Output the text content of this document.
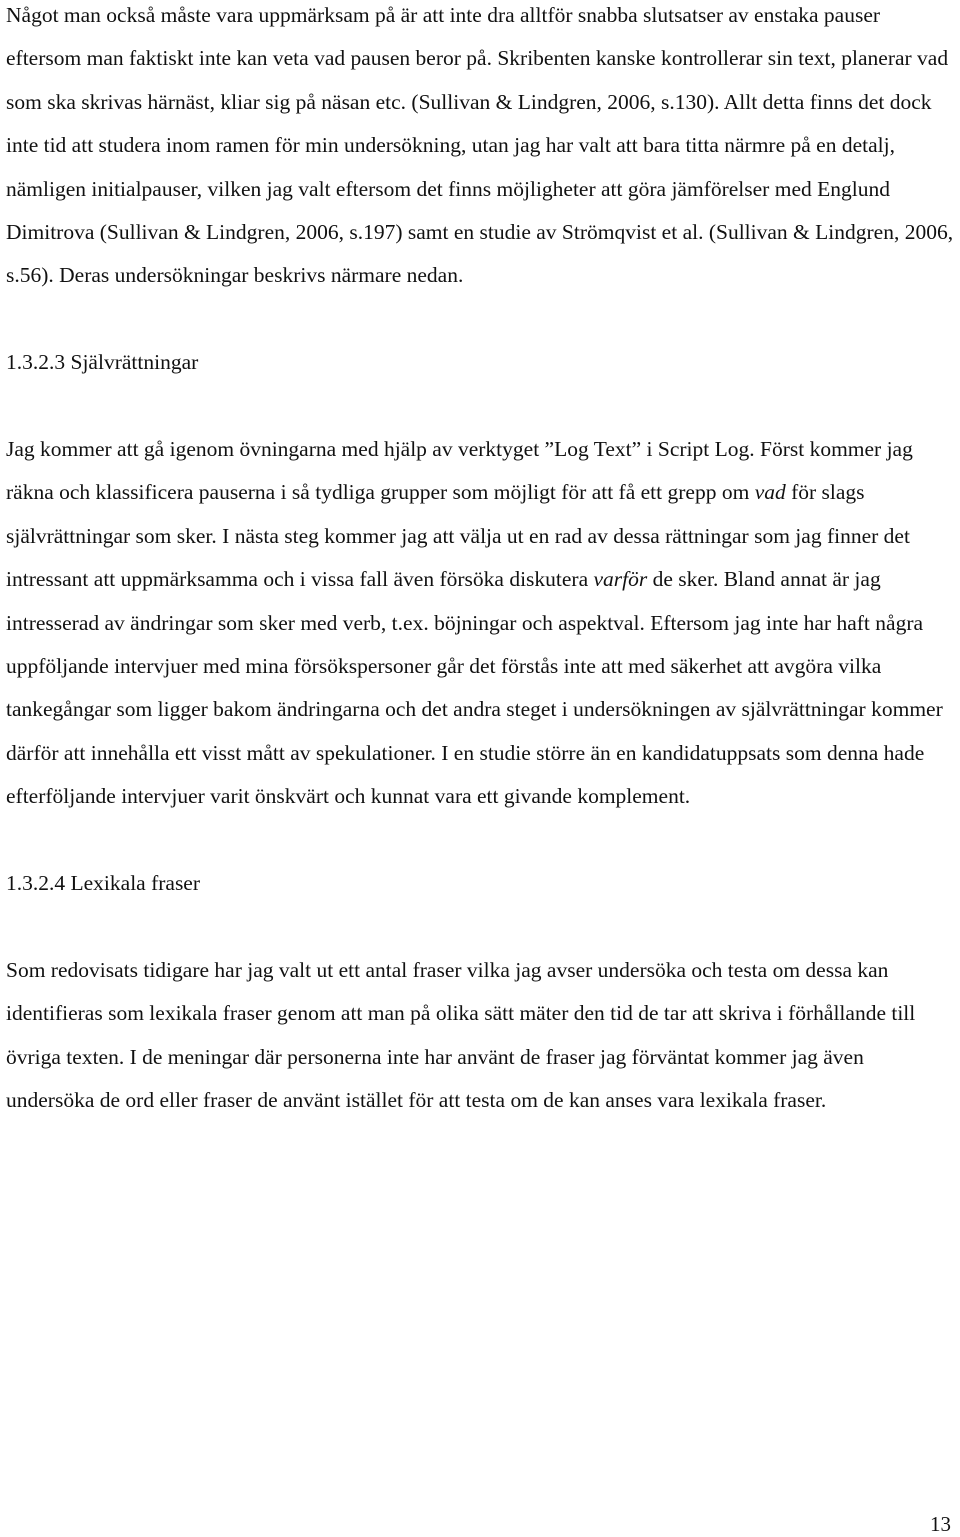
Något man också måste vara uppmärksam på är att inte dra alltför snabba slutsatser av enstaka pauser eftersom man faktiskt inte kan veta vad pausen beror på. Skribenten kanske kontrollerar sin text, planerar vad som ska skrivas härnäst, kliar sig på näsan etc. (Sullivan & Lindgren, 2006, s.130). Allt detta finns det dock inte tid att studera inom ramen för min undersökning, utan jag har valt att bara titta närmre på en detalj, nämligen initialpauser, vilken jag valt eftersom det finns möjligheter att göra jämförelser med Englund Dimitrova (Sullivan & Lindgren, 2006, s.197) samt en studie av Strömqvist et al. (Sullivan & Lindgren, 2006, s.56). Deras undersökningar beskrivs närmare nedan.

1.3.2.3 Självrättningar

Jag kommer att gå igenom övningarna med hjälp av verktyget ”Log Text” i Script Log. Först kommer jag räkna och klassificera pauserna i så tydliga grupper som möjligt för att få ett grepp om vad för slags självrättningar som sker. I nästa steg kommer jag att välja ut en rad av dessa rättningar som jag finner det intressant att uppmärksamma och i vissa fall även försöka diskutera varför de sker. Bland annat är jag intresserad av ändringar som sker med verb, t.ex. böjningar och aspektval. Eftersom jag inte har haft några uppföljande intervjuer med mina försökspersoner går det förstås inte att med säkerhet att avgöra vilka tankegångar som ligger bakom ändringarna och det andra steget i undersökningen av självrättningar kommer därför att innehålla ett visst mått av spekulationer. I en studie större än en kandidatuppsats som denna hade efterföljande intervjuer varit önskvärt och kunnat vara ett givande komplement.

1.3.2.4 Lexikala fraser

Som redovisats tidigare har jag valt ut ett antal fraser vilka jag avser undersöka och testa om dessa kan identifieras som lexikala fraser genom att man på olika sätt mäter den tid de tar att skriva i förhållande till övriga texten. I de meningar där personerna inte har använt de fraser jag förväntat kommer jag även undersöka de ord eller fraser de använt istället för att testa om de kan anses vara lexikala fraser.

13
